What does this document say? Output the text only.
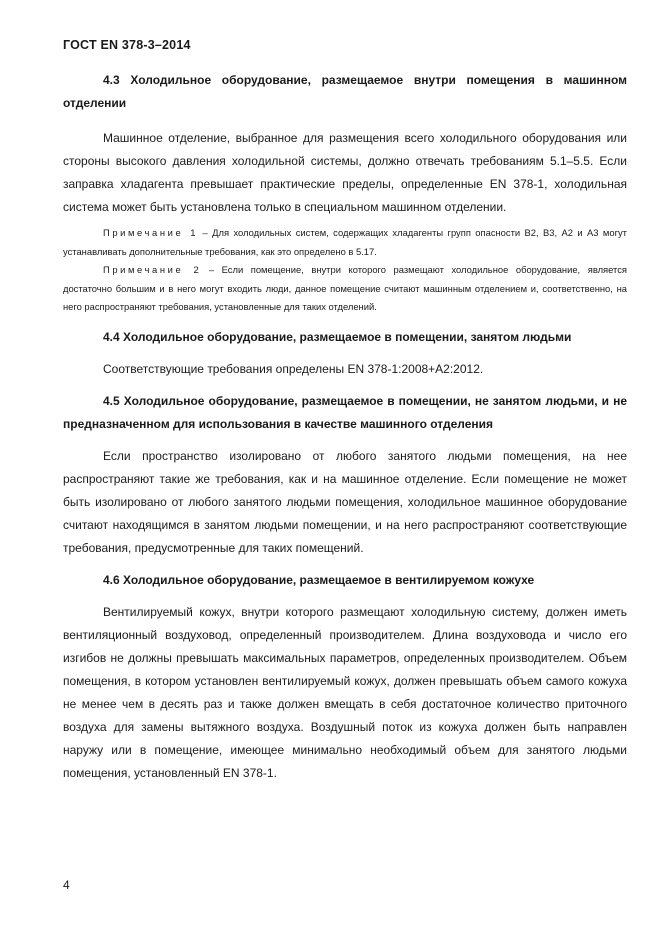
ГОСТ EN 378-3–2014

4.3 Холодильное оборудование, размещаемое внутри помещения в машинном отделении

Машинное отделение, выбранное для размещения всего холодильного оборудования или стороны высокого давления холодильной системы, должно отвечать требованиям 5.1–5.5. Если заправка хладагента превышает практические пределы, определенные EN 378-1, холодильная система может быть установлена только в специальном машинном отделении.

Примечание 1 – Для холодильных систем, содержащих хладагенты групп опасности В2, В3, А2 и А3 могут устанавливать дополнительные требования, как это определено в 5.17.

Примечание 2 – Если помещение, внутри которого размещают холодильное оборудование, является достаточно большим и в него могут входить люди, данное помещение считают машинным отделением и, соответственно, на него распространяют требования, установленные для таких отделений.

4.4 Холодильное оборудование, размещаемое в помещении, занятом людьми

Соответствующие требования определены EN 378-1:2008+A2:2012.

4.5 Холодильное оборудование, размещаемое в помещении, не занятом людьми, и не предназначенном для использования в качестве машинного отделения

Если пространство изолировано от любого занятого людьми помещения, на нее распространяют такие же требования, как и на машинное отделение. Если помещение не может быть изолировано от любого занятого людьми помещения, холодильное машинное оборудование считают находящимся в занятом людьми помещении, и на него распространяют соответствующие требования, предусмотренные для таких помещений.

4.6 Холодильное оборудование, размещаемое в вентилируемом кожухе

Вентилируемый кожух, внутри которого размещают холодильную систему, должен иметь вентиляционный воздуховод, определенный производителем. Длина воздуховода и число его изгибов не должны превышать максимальных параметров, определенных производителем. Объем помещения, в котором установлен вентилируемый кожух, должен превышать объем самого кожуха не менее чем в десять раз и также должен вмещать в себя достаточное количество приточного воздуха для замены вытяжного воздуха. Воздушный поток из кожуха должен быть направлен наружу или в помещение, имеющее минимально необходимый объем для занятого людьми помещения, установленный EN 378-1.

4
